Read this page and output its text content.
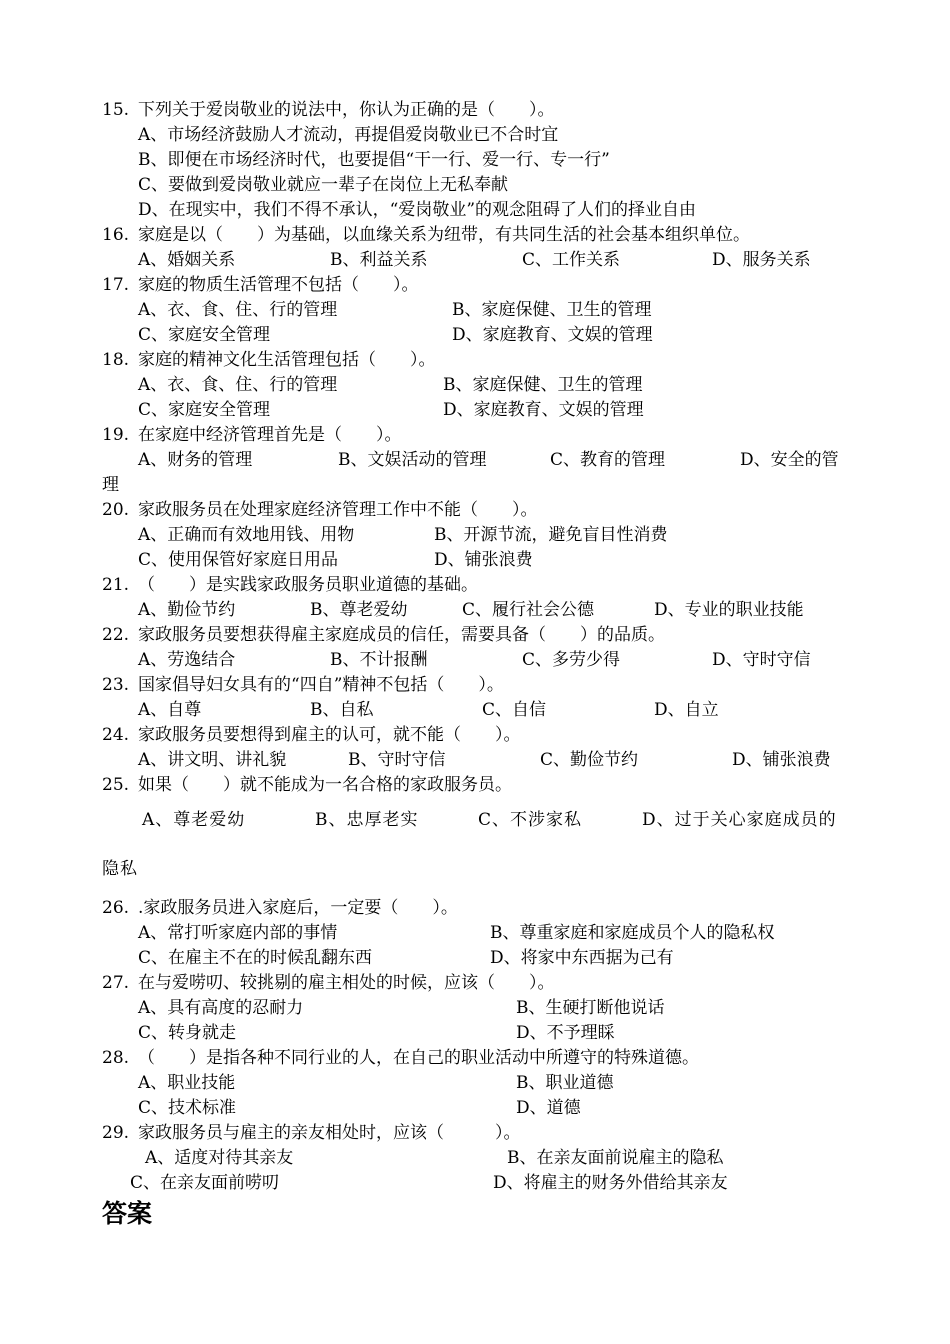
15. 下列关于爱岗敬业的说法中，你认为正确的是（　　）。
A、市场经济鼓励人才流动，再提倡爱岗敬业已不合时宜
B、即便在市场经济时代，也要提倡“干一行、爱一行、专一行”
C、要做到爱岗敬业就应一辈子在岗位上无私奉献
D、在现实中，我们不得不承认，“爱岗敬业”的观念阻碍了人们的择业自由
16. 家庭是以（　　）为基础，以血缘关系为纽带，有共同生活的社会基本组织单位。
A、婚姻关系	B、利益关系	C、工作关系	D、服务关系
17. 家庭的物质生活管理不包括（　　）。
A、衣、食、住、行的管理	B、家庭保健、卫生的管理
C、家庭安全管理	D、家庭教育、文娱的管理
18. 家庭的精神文化生活管理包括（　　）。
A、衣、食、住、行的管理	B、家庭保健、卫生的管理
C、家庭安全管理	D、家庭教育、文娱的管理
19. 在家庭中经济管理首先是（　　）。
A、财务的管理	B、文娱活动的管理	C、教育的管理	D、安全的管
理
20. 家政服务员在处理家庭经济管理工作中不能（　　）。
A、正确而有效地用钱、用物	B、开源节流，避免盲目性消费
C、使用保管好家庭日用品	D、铺张浪费
21. （　　）是实践家政服务员职业道德的基础。
A、勤俭节约	B、尊老爱幼	C、履行社会公德	D、专业的职业技能
22. 家政服务员要想获得雇主家庭成员的信任，需要具备（　　）的品质。
A、劳逸结合	B、不计报酬	C、多劳少得	D、守时守信
23. 国家倡导妇女具有的“四自”精神不包括（　　）。
A、自尊	B、自私	C、自信	D、自立
24. 家政服务员要想得到雇主的认可，就不能（　　）。
A、讲文明、讲礼貌	B、守时守信	C、勤俭节约	D、铺张浪费
25. 如果（　　）就不能成为一名合格的家政服务员。
A、尊老爱幼	B、忠厚老实	C、不涉家私	D、过于关心家庭成员的
隐私
26. .家政服务员进入家庭后，一定要（　　）。
A、常打听家庭内部的事情	B、尊重家庭和家庭成员个人的隐私权
C、在雇主不在的时候乱翻东西	D、将家中东西据为己有
27. 在与爱唠叨、较挑剔的雇主相处的时候，应该（　　）。
A、具有高度的忍耐力	B、生硬打断他说话
C、转身就走	D、不予理睬
28. （　　）是指各种不同行业的人，在自己的职业活动中所遵守的特殊道德。
A、职业技能	B、职业道德
C、技术标准	D、道德
29. 家政服务员与雇主的亲友相处时，应该（　　　）。
A、适度对待其亲友	B、在亲友面前说雇主的隐私
C、在亲友面前唠叨	D、将雇主的财务外借给其亲友
答案
